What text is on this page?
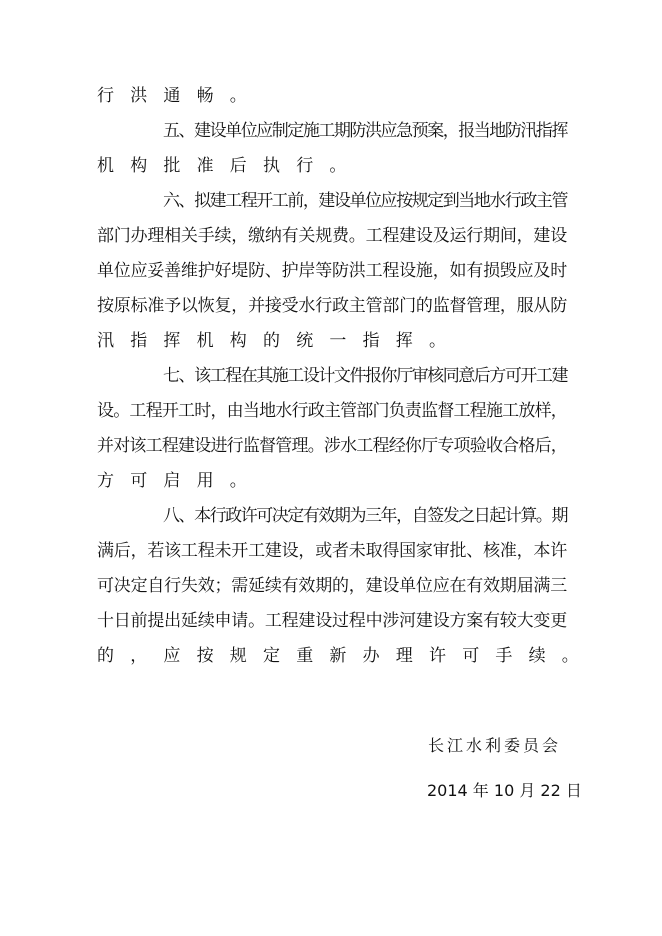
行洪通畅。
五、建设单位应制定施工期防洪应急预案，报当地防汛指挥
机构批准后执行。
六、拟建工程开工前，建设单位应按规定到当地水行政主管
部门办理相关手续，缴纳有关规费。工程建设及运行期间，建设
单位应妥善维护好堤防、护岸等防洪工程设施，如有损毁应及时
按原标准予以恢复，并接受水行政主管部门的监督管理，服从防
汛指挥机构的统一指挥。
七、该工程在其施工设计文件报你厅审核同意后方可开工建
设。工程开工时，由当地水行政主管部门负责监督工程施工放样，
并对该工程建设进行监督管理。涉水工程经你厅专项验收合格后，
方可启用。
八、本行政许可决定有效期为三年，自签发之日起计算。期
满后，若该工程未开工建设，或者未取得国家审批、核准，本许
可决定自行失效；需延续有效期的，建设单位应在有效期届满三
十日前提出延续申请。工程建设过程中涉河建设方案有较大变更
的，应按规定重新办理许可手续。
长江水利委员会
2014 年 10 月 22 日
